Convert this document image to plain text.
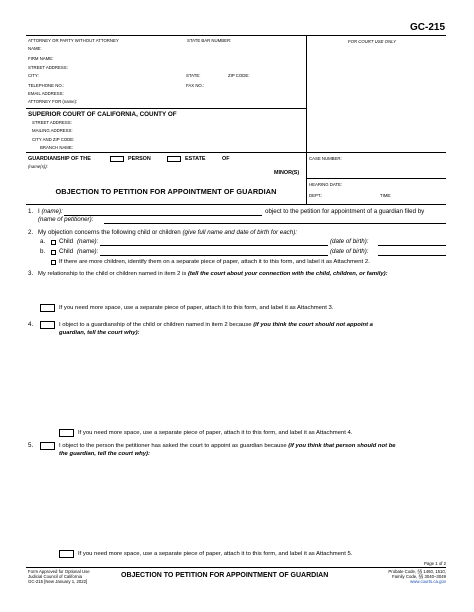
GC-215
ATTORNEY OR PARTY WITHOUT ATTORNEY	STATE BAR NUMBER:	FOR COURT USE ONLY
NAME:
FIRM NAME:
STREET ADDRESS:
CITY:	STATE:	ZIP CODE:
TELEPHONE NO.:	FAX NO.:
EMAIL ADDRESS:
ATTORNEY FOR (name):
SUPERIOR COURT OF CALIFORNIA, COUNTY OF
STREET ADDRESS:
MAILING ADDRESS:
CITY AND ZIP CODE:
BRANCH NAME:
GUARDIANSHIP OF THE	PERSON	ESTATE	OF
(name(s)):
MINOR(S)
CASE NUMBER:
HEARING DATE:
DEPT.:	TIME:
OBJECTION TO PETITION FOR APPOINTMENT OF GUARDIAN
1. I (name):	object to the petition for appointment of a guardian filed by
(name of petitioner):
2. My objection concerns the following child or children (give full name and date of birth for each):
a. Child (name):	(date of birth):
b. Child (name):	(date of birth):
If there are more children, identify them on a separate piece of paper, attach it to this form, and label it as Attachment 2.
3. My relationship to the child or children named in item 2 is (tell the court about your connection with the child, children, or family):
If you need more space, use a separate piece of paper, attach it to this form, and label it as Attachment 3.
4.	I object to a guardianship of the child or children named in item 2 because (if you think the court should not appoint a
guardian, tell the court why):
If you need more space, use a separate piece of paper, attach it to this form, and label it as Attachment 4.
5.	I object to the person the petitioner has asked the court to appoint as guardian because (if you think that person should not be
the guardian, tell the court why):
If you need more space, use a separate piece of paper, attach it to this form, and label it as Attachment 5.
Page 1 of 2
Form Approved for Optional Use
Judicial Council of California
GC-215 [New January 1, 2022]
OBJECTION TO PETITION FOR APPOINTMENT OF GUARDIAN
Probate Code, §§ 1460, 1510,
Family Code, §§ 3040–3049
www.courts.ca.gov
